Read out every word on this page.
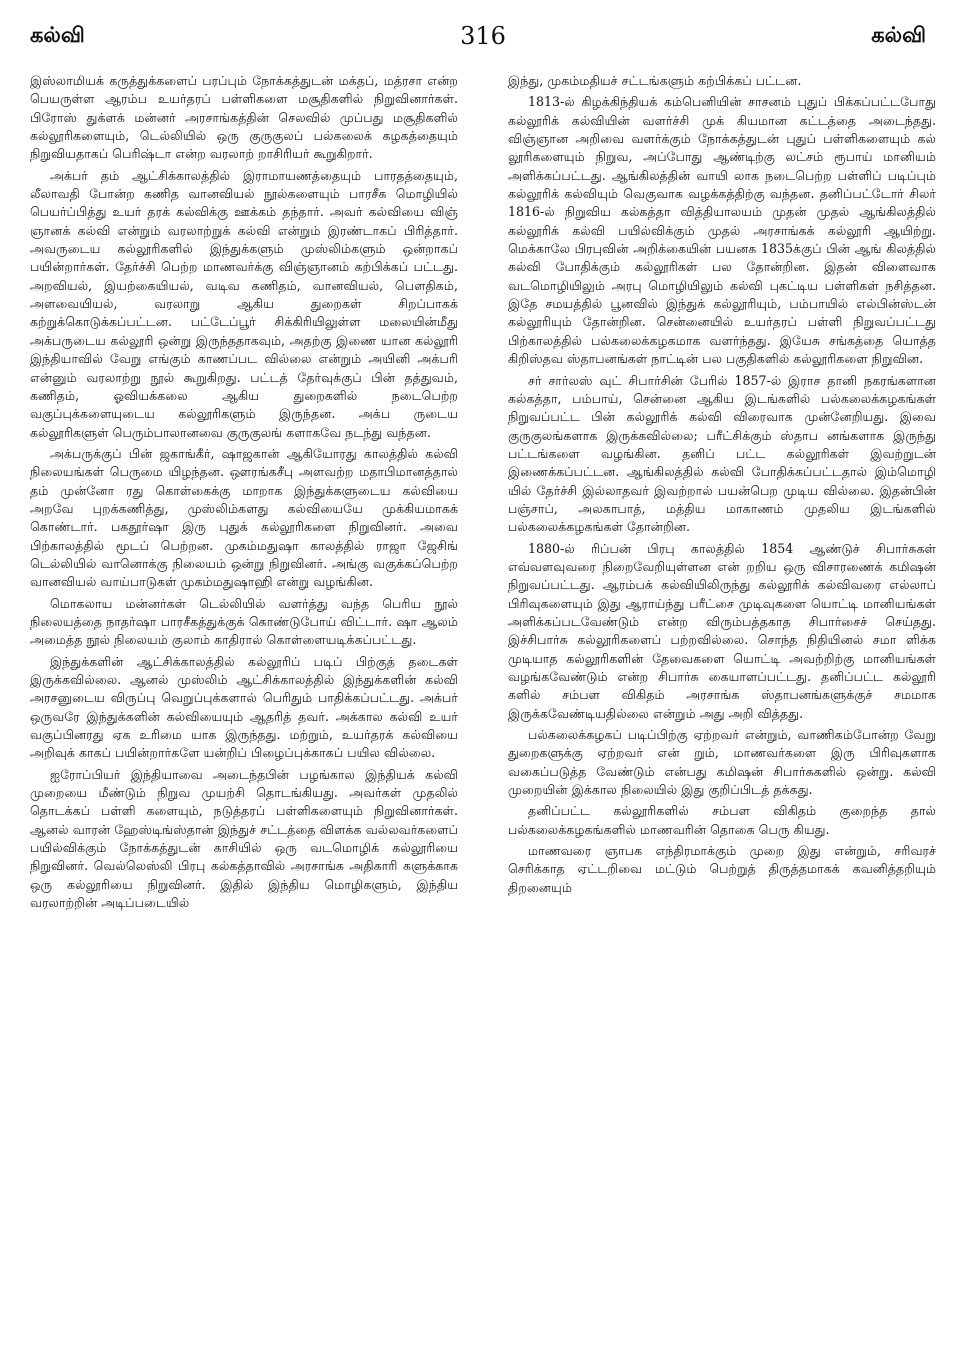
கல்வி	316	கல்வி

இஸ்லாமியக் கருத்துக்களைப் பரப்பும் நோக்கத்துடன் மக்தப், மத்ரசா என்ற பெயருள்ள ஆரம்ப உயர்தரப் பள்ளிகளை மசூதிகளில் நிறுவினார்கள். பிரோஸ் துக்ளக் மன்னர் அரசாங்கத்தின் செலவில் முப்பது மசூதிகளில் கல்லூரிகளையும், டெல்லியில் ஒரு குருகுலப் பல்கலைக் கழகத்தையும் நிறுவியதாகப் பெரிஷ்டா என்ற வரலாற் றாசிரியர் கூறுகிறார்.

அக்பர் தம் ஆட்சிக்காலத்தில் இராமாயணத்தையும் பாரதத்தையும், லீலாவதி போன்ற கணித வானவியல் நூல்களையும் பாரசீக மொழியில் பெயர்ப்பித்து உயர் தரக் கல்விக்கு ஊக்கம் தந்தார். அவர் கல்வியை விஞ் ஞானக் கல்வி என்றும் வரலாற்றுக் கல்வி என்றும் இரண்டாகப் பிரித்தார். அவருடைய கல்லூரிகளில் இந்துக்களும் முஸ்லிம்களும் ஒன்றாகப் பயின்றார்கள். தேர்ச்சி பெற்ற மாணவர்க்கு விஞ்ஞானம் கற்பிக்கப் பட்டது. அறவியல், இயற்கையியல், வடிவ கணிதம், வானவியல், பௌதிகம், அளவையியல், வரலாறு ஆகிய துறைகள் சிறப்பாகக் கற்றுக்கொடுக்கப்பட்டன. பட்டேப்பூர் சிக்கிரியிலுள்ள மலையின்மீது அக்பருடைய கல்லூரி ஒன்று இருந்ததாகவும், அதற்கு இணை யான கல்லூரி இந்தியாவில் வேறு எங்கும் காணப்பட வில்லை என்றும் அயினி அக்பரி என்னும் வரலாற்று நூல் கூறுகிறது. பட்டத் தேர்வுக்குப் பின் தத்துவம், கணிதம், ஓவியக்கலை ஆகிய துறைகளில் நடைபெற்ற வகுப்புக்களையுடைய கல்லூரிகளும் இருந்தன. அக்ப ருடைய கல்லூரிகளுள் பெரும்பாலானவை குருகுலங் களாகவே நடந்து வந்தன.

அக்பருக்குப் பின் ஜகாங்கீர், ஷாஜகான் ஆகியோரது காலத்தில் கல்வி நிலையங்கள் பெருமை யிழந்தன. ஔரங்கசீபு அளவற்ற மதாபிமானத்தால் தம் முன்னோ ரது கொள்கைக்கு மாறாக இந்துக்களுடைய கல்வியை அறவே புறக்கணித்து, முஸ்லிம்களது கல்வியையே முக்கியமாகக் கொண்டார். பகதூர்ஷா இரு புதுக் கல்லூரிகளை நிறுவினர். அவை பிற்காலத்தில் மூடப் பெற்றன. முகம்மதுஷா காலத்தில் ராஜா ஜேசிங் டெல்லியில் வானொக்கு நிலையம் ஒன்று நிறுவினர். அங்கு வகுக்கப்பெற்ற வானவியல் வாய்பாடுகள் முகம்மதுஷாஹி என்று வழங்கின.

மொகலாய மன்னர்கள் டெல்லியில் வளர்த்து வந்த பெரிய நூல் நிலையத்தை நாதர்ஷா பாரசீகத்துக்குக் கொண்டுபோய் விட்டார். ஷா ஆலம் அமைத்த நூல் நிலையம் குலாம் காதிரால் கொள்ளையடிக்கப்பட்டது.

இந்துக்களின் ஆட்சிக்காலத்தில் கல்லூரிப் படிப் பிற்குத் தடைகள் இருக்கவில்லை. ஆனல் முஸ்லிம் ஆட்சிக்காலத்தில் இந்துக்களின் கல்வி அரசனுடைய விருப்பு வெறுப்புக்களால் பெரிதும் பாதிக்கப்பட்டது. அக்பர் ஒருவரே இந்துக்களின் கல்வியையும் ஆதரித் தவர். அக்கால கல்வி உயர் வகுப்பினரது ஏக உரிமை யாக இருந்தது. மற்றும், உயர்தரக் கல்வியை அறிவுக் காகப் பயின்றார்களே யன்றிப் பிழைப்புக்காகப் பயில வில்லை.

ஐரோப்பியர் இந்தியாவை அடைந்தபின் பழங்கால இந்தியக் கல்வி முறையை மீண்டும் நிறுவ முயற்சி தொடங்கியது. அவர்கள் முதலில் தொடக்கப் பள்ளி களையும், நடுத்தரப் பள்ளிகளையும் நிறுவினார்கள். ஆனல் வாரன் ஹேஸ்டிங்ஸ்தான் இந்துச் சட்டத்தை விளக்க வல்லவர்களைப் பயில்விக்கும் நோக்கத்துடன் காசியில் ஒரு வடமொழிக் கல்லூரியை நிறுவினர். வெல்லெஸ்லி பிரபு கல்கத்தாவில் அரசாங்க அதிகாரி களுக்காக ஒரு கல்லூரியை நிறுவினர். இதில் இந்திய மொழிகளும், இந்திய வரலாற்றின் அடிப்படையில்

இந்து, முகம்மதியச் சட்டங்களும் கற்பிக்கப் பட்டன.

1813-ல் கிழக்கிந்தியக் கம்பெனியின் சாசனம் புதுப் பிக்கப்பட்டபோது கல்லூரிக் கல்வியின் வளர்ச்சி முக் கியமான கட்டத்தை அடைந்தது. விஞ்ஞான அறிவை வளர்க்கும் நோக்கத்துடன் புதுப் பள்ளிகளையும் கல் லூரிகளையும் நிறுவ, அப்போது ஆண்டிற்கு லட்சம் ரூபாய் மானியம் அளிக்கப்பட்டது. ஆங்கிலத்தின் வாயி லாக நடைபெற்ற பள்ளிப் படிப்பும் கல்லூரிக் கல்வியும் வெகுவாக வழக்கத்திற்கு வந்தன. தனிப்பட்டோர் சிலர் 1816-ல் நிறுவிய கல்கத்தா வித்தியாலயம் முதன் முதல் ஆங்கிலத்தில் கல்லூரிக் கல்வி பயில்விக்கும் முதல் அரசாங்கக் கல்லூரி ஆயிற்று. மெக்காலே பிரபுவின் அறிக்கையின் பயனக 1835க்குப் பின் ஆங் கிலத்தில் கல்வி போதிக்கும் கல்லூரிகள் பல தோன்றின. இதன் விளைவாக வடமொழியிலும் அரபு மொழியிலும் கல்வி புகட்டிய பள்ளிகள் நசித்தன. இதே சமயத்தில் பூனவில் இந்துக் கல்லூரியும், பம்பாயில் எல்பின்ஸ்டன் கல்லூரியும் தோன்றின. சென்னையில் உயர்தரப் பள்ளி நிறுவப்பட்டது பிற்காலத்தில் பல்கலைக்கழகமாக வளர்ந்தது. இயேசு சங்கத்தை யொத்த கிறிஸ்தவ ஸ்தாபனங்கள் நாட்டின் பல பகுதிகளில் கல்லூரிகளை நிறுவின.

சர் சார்லஸ் வுட் சிபார்சின் பேரில் 1857-ல் இராச தானி நகரங்களான கல்கத்தா, பம்பாய், சென்னை ஆகிய இடங்களில் பல்கலைக்கழகங்கள் நிறுவப்பட்ட பின் கல்லூரிக் கல்வி விரைவாக முன்னேறியது. இவை குருகுலங்களாக இருக்கவில்லை; பரீட்சிக்கும் ஸ்தாப னங்களாக இருந்து பட்டங்களை வழங்கின. தனிப் பட்ட கல்லூரிகள் இவற்றுடன் இணைக்கப்பட்டன. ஆங்கிலத்தில் கல்வி போதிக்கப்பட்டதால் இம்மொழி யில் தேர்ச்சி இல்லாதவர் இவற்றால் பயன்பெற முடிய வில்லை. இதன்பின் பஞ்சாப், அலகாபாத், மத்திய மாகாணம் முதலிய இடங்களில் பல்கலைக்கழகங்கள் தோன்றின.

1880-ல் ரிப்பன் பிரபு காலத்தில் 1854 ஆண்டுச் சிபார்சுகள் எவ்வளவுவரை நிறைவேறியுள்ளன என் றறிய ஒரு விசாரணைக் கமிஷன் நிறுவப்பட்டது. ஆரம்பக் கல்வியிலிருந்து கல்லூரிக் கல்விவரை எல்லாப் பிரிவுகளையும் இது ஆராய்ந்து பரீட்சை முடிவுகளை யொட்டி மானியங்கள் அளிக்கப்படவேண்டும் என்ற விரும்பத்தகாத சிபார்சைச் செய்தது. இச்சிபார்சு கல்லூரிகளைப் பற்றவில்லை. சொந்த நிதியினல் சமா ளிக்க முடியாத கல்லூரிகளின் தேவைகளை யொட்டி அவற்றிற்கு மானியங்கள் வழங்கவேண்டும் என்ற சிபார்சு கையாளப்பட்டது. தனிப்பட்ட கல்லூரி களில் சம்பள விகிதம் அரசாங்க ஸ்தாபனங்களுக்குச் சமமாக இருக்கவேண்டியதில்லை என்றும் அது அறி வித்தது.

பல்கலைக்கழகப் படிப்பிற்கு ஏற்றவர் என்றும், வாணிகம்போன்ற வேறு துறைகளுக்கு ஏற்றவர் என் றும், மாணவர்களை இரு பிரிவுகளாக வகைப்படுத்த வேண்டும் என்பது கமிஷன் சிபார்சுகளில் ஒன்று. கல்வி முறையின் இக்கால நிலையில் இது குறிப்பிடத் தக்கது.

தனிப்பட்ட கல்லூரிகளில் சம்பள விகிதம் குறைந்த தால் பல்கலைக்கழகங்களில் மாணவரின் தொகை பெரு கியது.

மாணவரை ஞாபக எந்திரமாக்கும் முறை இது என்றும், சரிவரச் செரிக்காத ஏட்டறிவை மட்டும் பெற்றுத் திருத்தமாகக் கவனித்தறியும் திறனையும்
